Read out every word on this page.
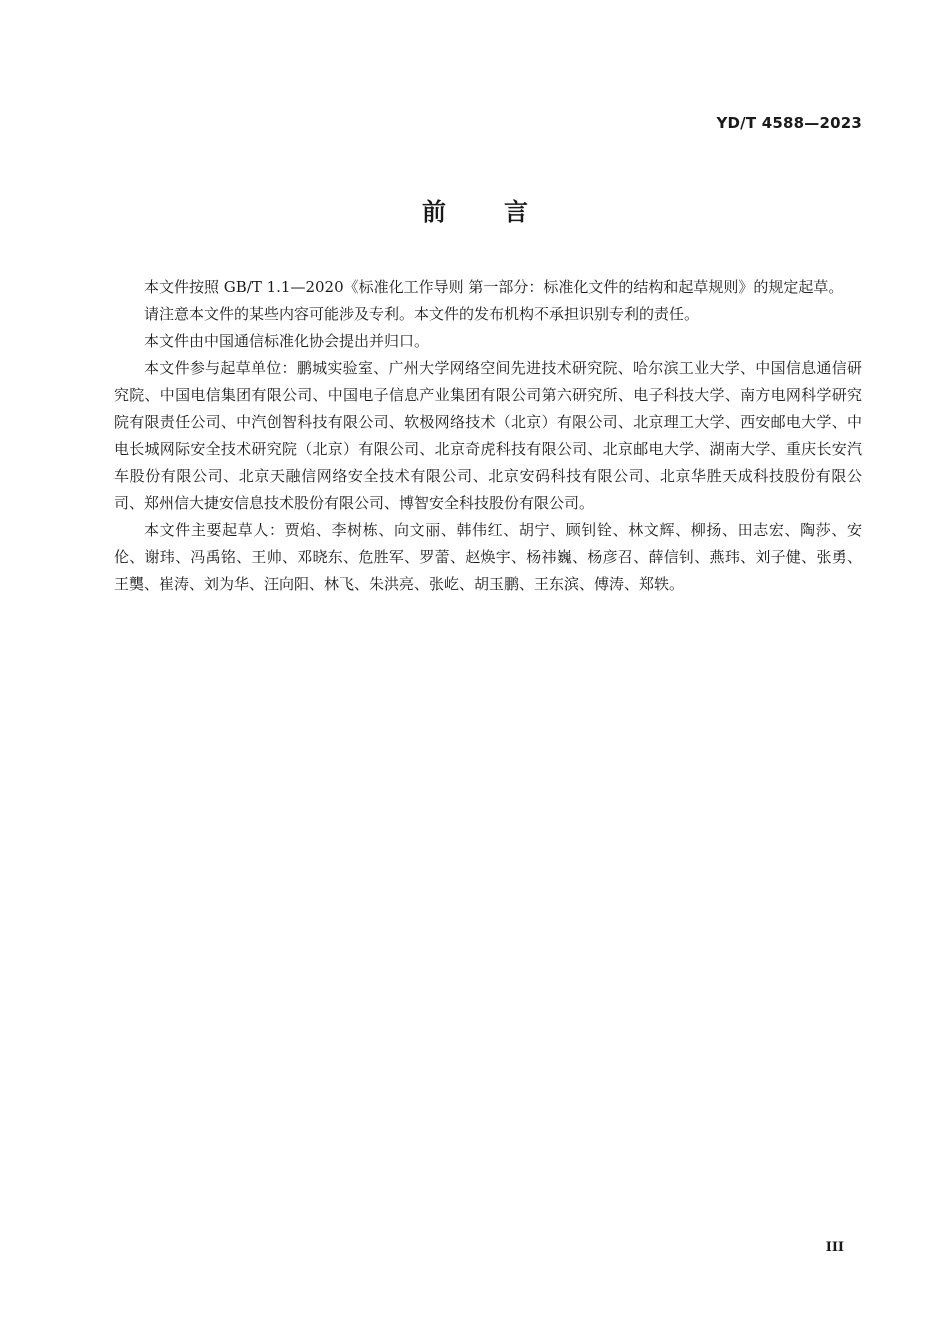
YD/T 4588—2023
前言

本文件按照 GB/T 1.1—2020《标准化工作导则 第一部分：标准化文件的结构和起草规则》的规定起草。

请注意本文件的某些内容可能涉及专利。本文件的发布机构不承担识别专利的责任。

本文件由中国通信标准化协会提出并归口。

本文件参与起草单位：鹏城实验室、广州大学网络空间先进技术研究院、哈尔滨工业大学、中国信息通信研究院、中国电信集团有限公司、中国电子信息产业集团有限公司第六研究所、电子科技大学、南方电网科学研究院有限责任公司、中汽创智科技有限公司、软极网络技术（北京）有限公司、北京理工大学、西安邮电大学、中电长城网际安全技术研究院（北京）有限公司、北京奇虎科技有限公司、北京邮电大学、湖南大学、重庆长安汽车股份有限公司、北京天融信网络安全技术有限公司、北京安码科技有限公司、北京华胜天成科技股份有限公司、郑州信大捷安信息技术股份有限公司、博智安全科技股份有限公司。

本文件主要起草人：贾焰、李树栋、向文丽、韩伟红、胡宁、顾钊铨、林文辉、柳扬、田志宏、陶莎、安伦、谢玮、冯禹铭、王帅、邓晓东、危胜军、罗蕾、赵焕宇、杨祎巍、杨彦召、薛信钊、燕玮、刘子健、张勇、王龑、崔涛、刘为华、汪向阳、林飞、朱洪亮、张屹、胡玉鹏、王东滨、傅涛、郑轶。

III
